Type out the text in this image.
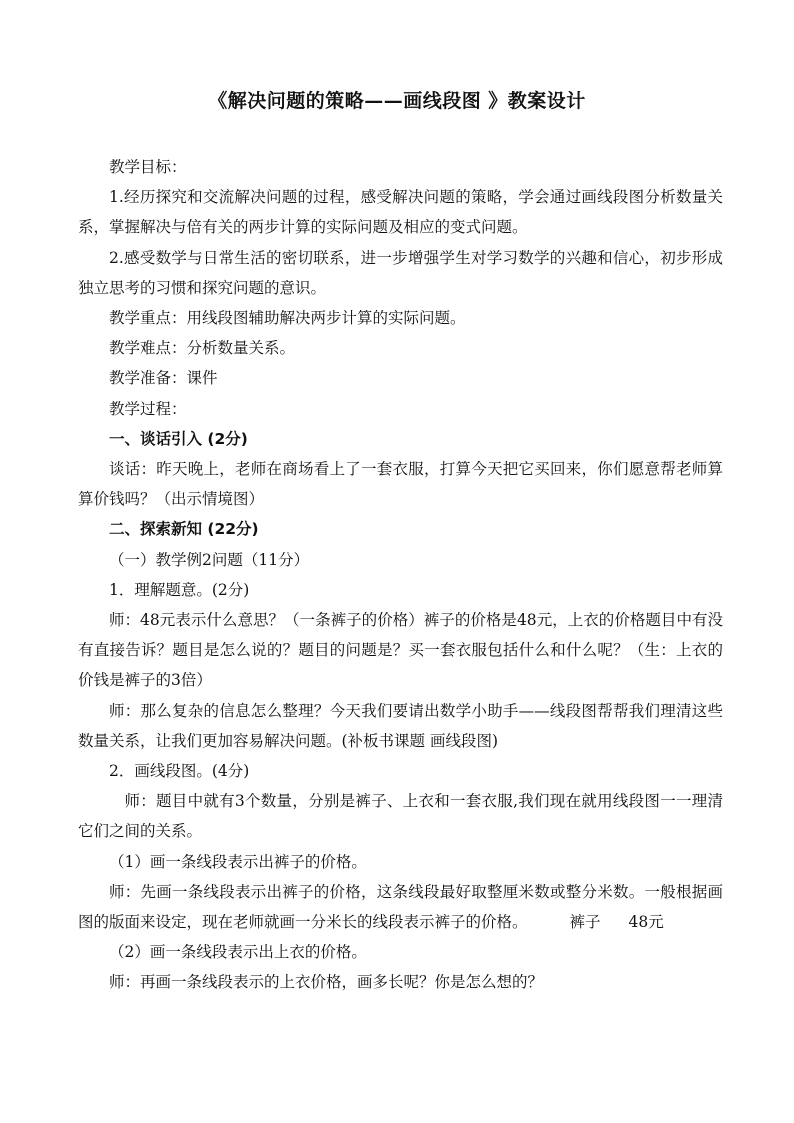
《解决问题的策略——画线段图 》教案设计

教学目标：

1.经历探究和交流解决问题的过程，感受解决问题的策略，学会通过画线段图分析数量关系，掌握解决与倍有关的两步计算的实际问题及相应的变式问题。

2.感受数学与日常生活的密切联系，进一步增强学生对学习数学的兴趣和信心，初步形成独立思考的习惯和探究问题的意识。

教学重点：用线段图辅助解决两步计算的实际问题。

教学难点：分析数量关系。

教学准备：课件

教学过程：

一、谈话引入 (2分)

谈话：昨天晚上，老师在商场看上了一套衣服，打算今天把它买回来，你们愿意帮老师算算价钱吗？（出示情境图）

二、探索新知 (22分)

（一）教学例2问题（11分）

1．理解题意。(2分)

师：48元表示什么意思？（一条裤子的价格）裤子的价格是48元，上衣的价格题目中有没有直接告诉？题目是怎么说的？题目的问题是？买一套衣服包括什么和什么呢？（生：上衣的价钱是裤子的3倍）

师：那么复杂的信息怎么整理？今天我们要请出数学小助手——线段图帮帮我们理清这些数量关系，让我们更加容易解决问题。(补板书课题 画线段图)

2．画线段图。(4分)

师：题目中就有3个数量，分别是裤子、上衣和一套衣服,我们现在就用线段图一一理清它们之间的关系。

（1）画一条线段表示出裤子的价格。

师：先画一条线段表示出裤子的价格，这条线段最好取整厘米数或整分米数。一般根据画图的版面来设定，现在老师就画一分米长的线段表示裤子的价格。	裤子 48元

（2）画一条线段表示出上衣的价格。

师：再画一条线段表示的上衣价格，画多长呢？你是怎么想的？
